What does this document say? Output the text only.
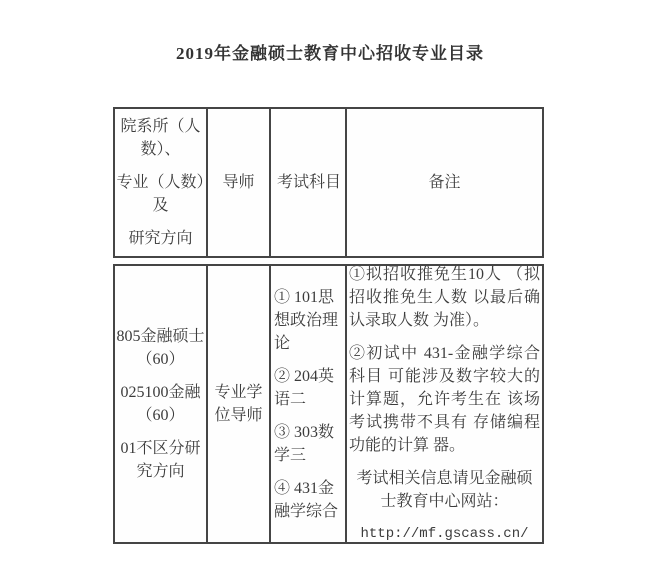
2019年金融硕士教育中心招收专业目录

院系所（人数）、

专业（人数）及

研究方向

导师	考试科目	备注

805金融硕士（60）

025100金融（60）

01不区分研究方向

专业学位导师

① 101思想政治理论

② 204英语二

③ 303数学三

④ 431金融学综合

①拟招收推免生10人 （拟招收推免生人数 以最后确认录取人数 为准）。

②初试中 431-金融学综合科目 可能涉及数字较大的计算题，允许考生在 该场考试携带不具有 存储编程功能的计算 器。

考试相关信息请见金融硕士教育中心网站：

http://mf.gscass.cn/
